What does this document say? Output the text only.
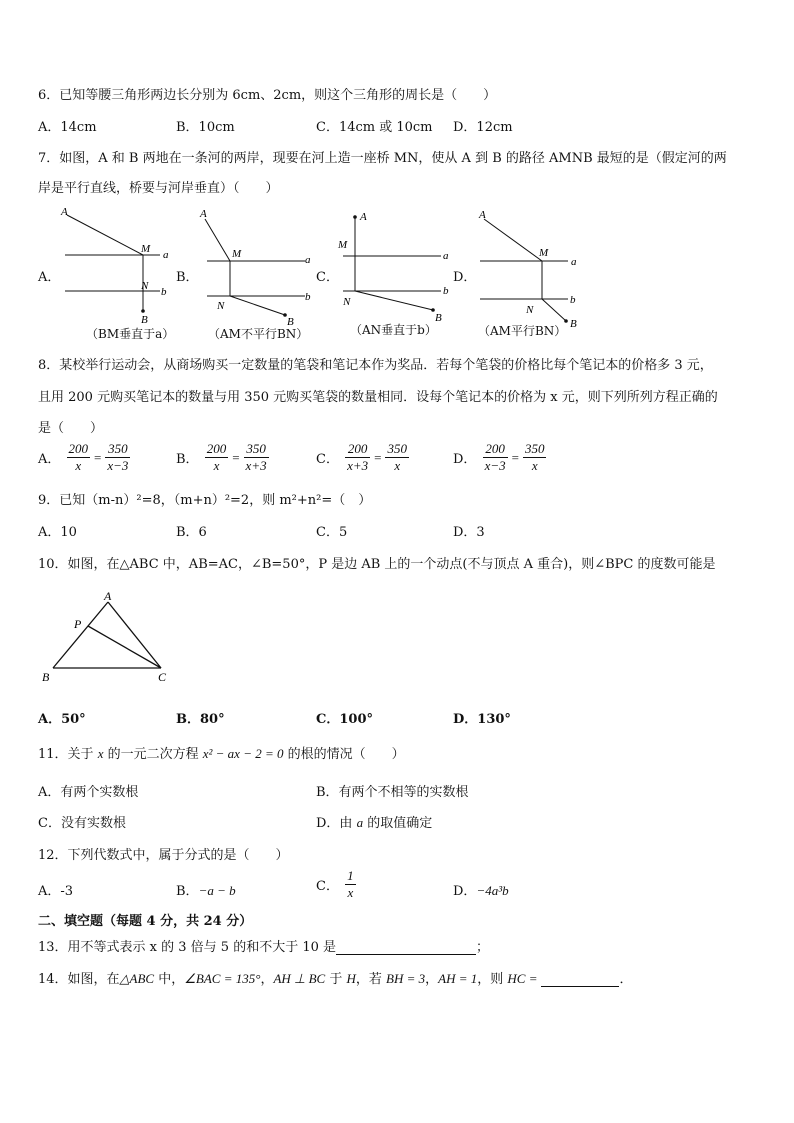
6．已知等腰三角形两边长分别为 6cm、2cm，则这个三角形的周长是（　　）
A．14cm	B．10cm	C．14cm 或 10cm D．12cm
7．如图，A 和 B 两地在一条河的两岸，现要在河上造一座桥 MN，使从 A 到 B 的路径 AMNB 最短的是（假定河的两
岸是平行直线，桥要与河岸垂直）（　　）
A．	B．	C．	D．
A
M a
N b
B
（BM垂直于a）
A
M	a
N
b
B
（AM不平行BN）
A
M
a
N
b
B
（AN垂直于b）
A
M
a
N
b
B
（AM平行BN）
8．某校举行运动会，从商场购买一定数量的笔袋和笔记本作为奖品．若每个笔袋的价格比每个笔记本的价格多 3 元，
且用 200 元购买笔记本的数量与用 350 元购买笔袋的数量相同．设每个笔记本的价格为 x 元，则下列所列方程正确的
是（　　）
A． $\frac{200}{x} = \frac{350}{x-3}$	B． $\frac{200}{x} = \frac{350}{x+3}$	C． $\frac{200}{x+3} = \frac{350}{x}$	D． $\frac{200}{x-3} = \frac{350}{x}$
9．已知（m-n）²=8，（m+n）²=2，则 m²+n²=（　）
A．10	B．6	C．5	D．3
10．如图，在△ABC 中，AB=AC，∠B=50°，P 是边 AB 上的一个动点(不与顶点 A 重合)，则∠BPC 的度数可能是
A
P
B	C
A．50°	B．80°	C．100°	D．130°
11．关于 x 的一元二次方程 x² − ax − 2 = 0 的根的情况（　　）
A．有两个实数根	B．有两个不相等的实数根
C．没有实数根	D．由 a 的取值确定
12．下列代数式中，属于分式的是（　　）
A．-3	B．−a − b	C． $\frac{1}{x}$	D．−4a³b
二、填空题（每题 4 分，共 24 分）
13．用不等式表示 x 的 3 倍与 5 的和不大于 10 是	；
14．如图，在△ABC 中，∠BAC = 135°，AH ⊥ BC 于 H，若 BH = 3，AH = 1，则 HC =	．
